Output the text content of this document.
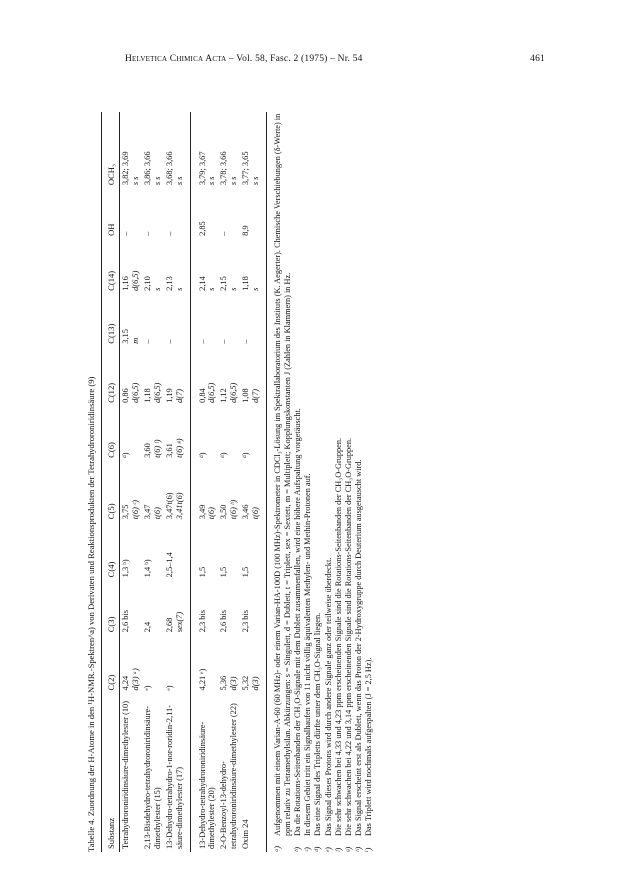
Helvetica Chimica Acta – Vol. 58, Fasc. 2 (1975) – Nr. 54	461
Tabelle 4. Zuordnung der H-Atome in den ¹H-NMR.-Spektren^a) von Derivaten und Reaktionsprodukten der Tetrahydroroniridinsäure (9) Substanz	C(2)	C(3)	C(4)	C(5)	C(6)	C(12)	C(13)	C(14)	OH	OCH₃
Tetrahydroroniridinsäure-dimethylester (10)	4,24 d(3) ᵃ)	2,6 bis	1,3 ᵇ)	3,75 t(6) ᶜ)	ᵈ)	0,86 d(6,5)	3,15 m	1,16 d(6,5)	–	3,82; 3,69 s s

2,13-Bisdehydro-tetrahydroroniridinsäure-dimethylester (15)	ᵉ)	2,4	1,4 ᵇ)	3,47 t(6)	3,60 t(6) ᶠ)	1,18 d(6,5)	–	2,10 s	–	3,86; 3,66 s s

13-Dehydro-tetrahydro-1-nor-roridin-2,11-säure-dimethylester (17)	ᵉ)	2,68 sex(7)	2,5–1,4	3,47t(6) 3,41t(6)	3,61 t(6) ᵍ)	1,19 d(7)	–	2,13 s	–	3,68; 3,66 s s

13-Dehydro-tetrahydroroniridinsäure-dimethylester (20)	4,21 ᵉ)	2,3 bis	1,5	3,49 t(6)	ᵈ)	0,84 d(6,5)	–	2,14 s	2,85	3,79; 3,67 s s

2-O-Benzoyl-13-dehydro-tetrahydroroniridinsäure-dimethylester (22)	5,36 d(3)	2,6 bis	1,5	3,50 t(6) ʰ)	ᵈ)	1,12 d(6,5)	–	2,15 s	–	3,78; 3,66 s s

Oxim 24	5,32 d(3)	2,3 bis	1,5	3,46 t(6)	ᵈ)	1,08 d(7)	–	1,18 s	8,9	3,77; 3,65 s s
ᵃ)
Aufgenommen mit einem Varian-A-60 (60 MHz)- oder einem Varian-HA-100D (100 MHz)-Spektrometer in CDCl₃-Lösung im Spektrallaboratorium des Instituts (K. Aegerter). Chemische Verschiebungen (δ-Werte) in ppm relativ zu Tetramethylsilan. Abkürzungen: s = Singulett, d = Dublett, t = Triplett, sex = Sextett, m = Multiplett; Kopplungskonstanten J (Zahlen in Klammern) in Hz.
ᵇ)
Da die Rotations-Seitenbanden der CH₃O-Signale mit dem Dublett zusammenfallen, wird eine höhere Aufspaltung vorgetäuscht.
ᶜ)
In diesem Gebiet tritt ein Signalhaufen von 11 nicht völlig äquivalenten Methylen- und Methin-Protonen auf.
ᵈ)
Das eine Signal des Tripletts dürfte unter dem CH₃O-Signal liegen.
ᵉ)
Das Signal dieses Protons wird durch andere Signale ganz oder teilweise überdeckt.
ᶠ)
Die sehr schwachen bei 4,33 und 4,23 ppm erscheinenden Signale sind die Rotations-Seitenbanden der CH₃O-Gruppen.
ᵍ)
Die sehr schwachen bei 4,22 und 3,14 ppm erscheinenden Signale sind die Rotations-Seitenbanden der CH₃O-Gruppen.
ʰ)
Das Signal erscheint erst als Dublett, wenn das Proton der 2-Hydroxygruppe durch Deuterium ausgetauscht wird.
ⁱ)
Das Triplett wird nochmals aufgespalten (J = 2,5 Hz).
